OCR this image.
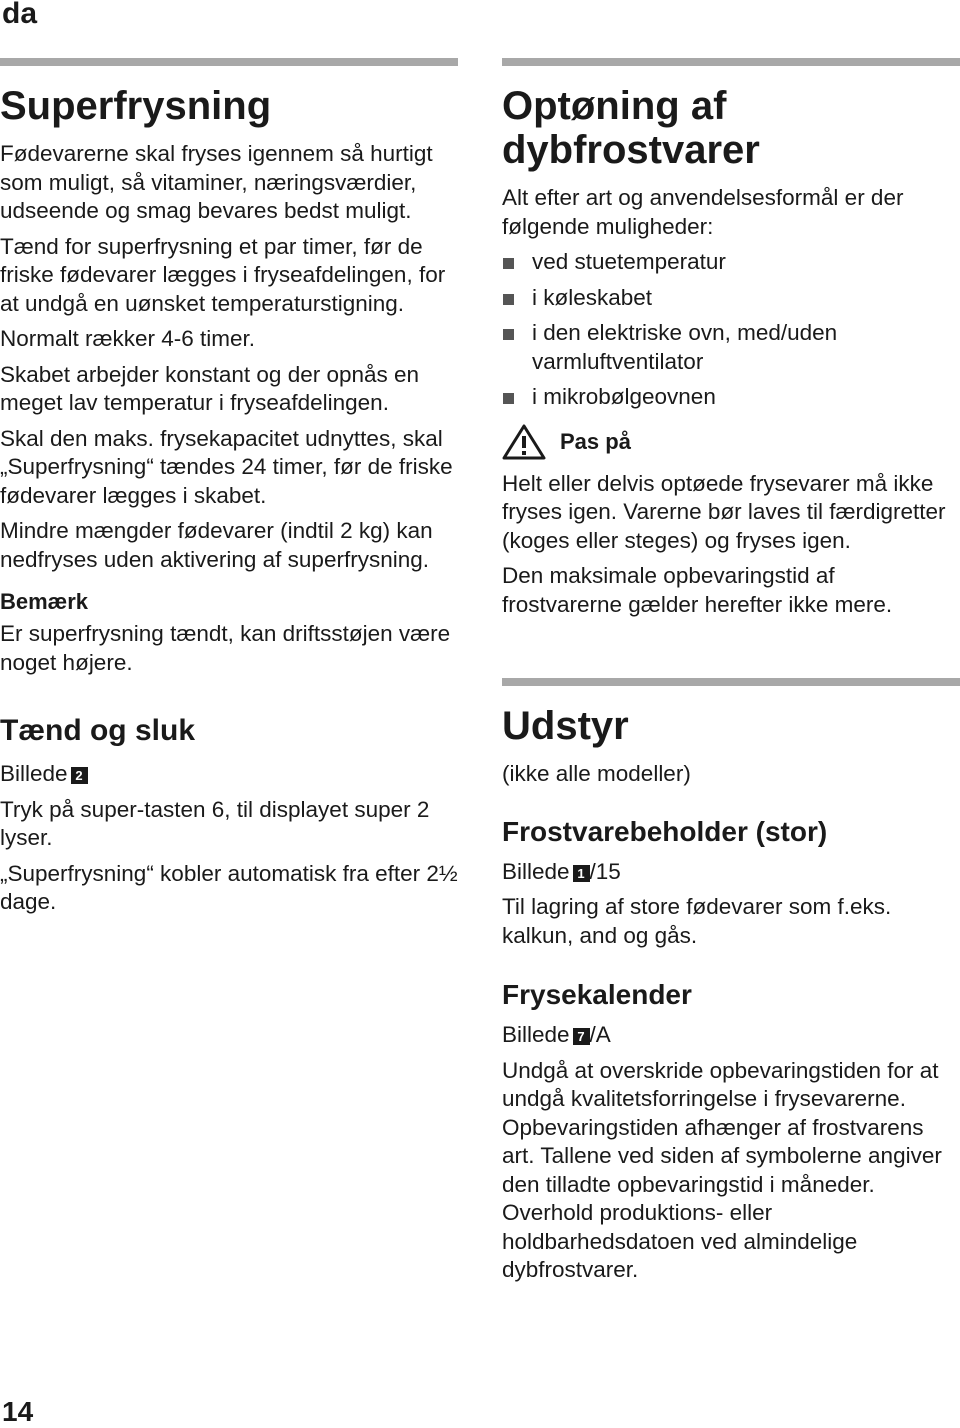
da
Superfrysning

Fødevarerne skal fryses igennem så hurtigt som muligt, så vitaminer, næringsværdier, udseende og smag bevares bedst muligt.

Tænd for superfrysning et par timer, før de friske fødevarer lægges i fryseafdelingen, for at undgå en uønsket temperaturstigning.

Normalt rækker 4-6 timer.

Skabet arbejder konstant og der opnås en meget lav temperatur i fryseafdelingen.

Skal den maks. frysekapacitet udnyttes, skal „Superfrysning“ tændes 24 timer, før de friske fødevarer lægges i skabet.

Mindre mængder fødevarer (indtil 2 kg) kan nedfryses uden aktivering af superfrysning.

Bemærk

Er superfrysning tændt, kan driftsstøjen være noget højere.

Tænd og sluk

Billede 2

Tryk på super-tasten 6, til displayet super 2 lyser.

„Superfrysning“ kobler automatisk fra efter 2½ dage.

Optøning af dybfrostvarer

Alt efter art og anvendelsesformål er der følgende muligheder:

ved stuetemperatur
i køleskabet
i den elektriske ovn, med/uden varmluftventilator
i mikrobølgeovnen
Pas på

Helt eller delvis optøede frysevarer må ikke fryses igen. Varerne bør laves til færdigretter (koges eller steges) og fryses igen.

Den maksimale opbevaringstid af frostvarerne gælder herefter ikke mere.

Udstyr

(ikke alle modeller)

Frostvarebeholder (stor)

Billede 1 /15

Til lagring af store fødevarer som f.eks. kalkun, and og gås.

Frysekalender

Billede 7 /A

Undgå at overskride opbevaringstiden for at undgå kvalitetsforringelse i frysevarerne. Opbevaringstiden afhænger af frostvarens art. Tallene ved siden af symbolerne angiver den tilladte opbevaringstid i måneder. Overhold produktions- eller holdbarhedsdatoen ved almindelige dybfrostvarer.

14
